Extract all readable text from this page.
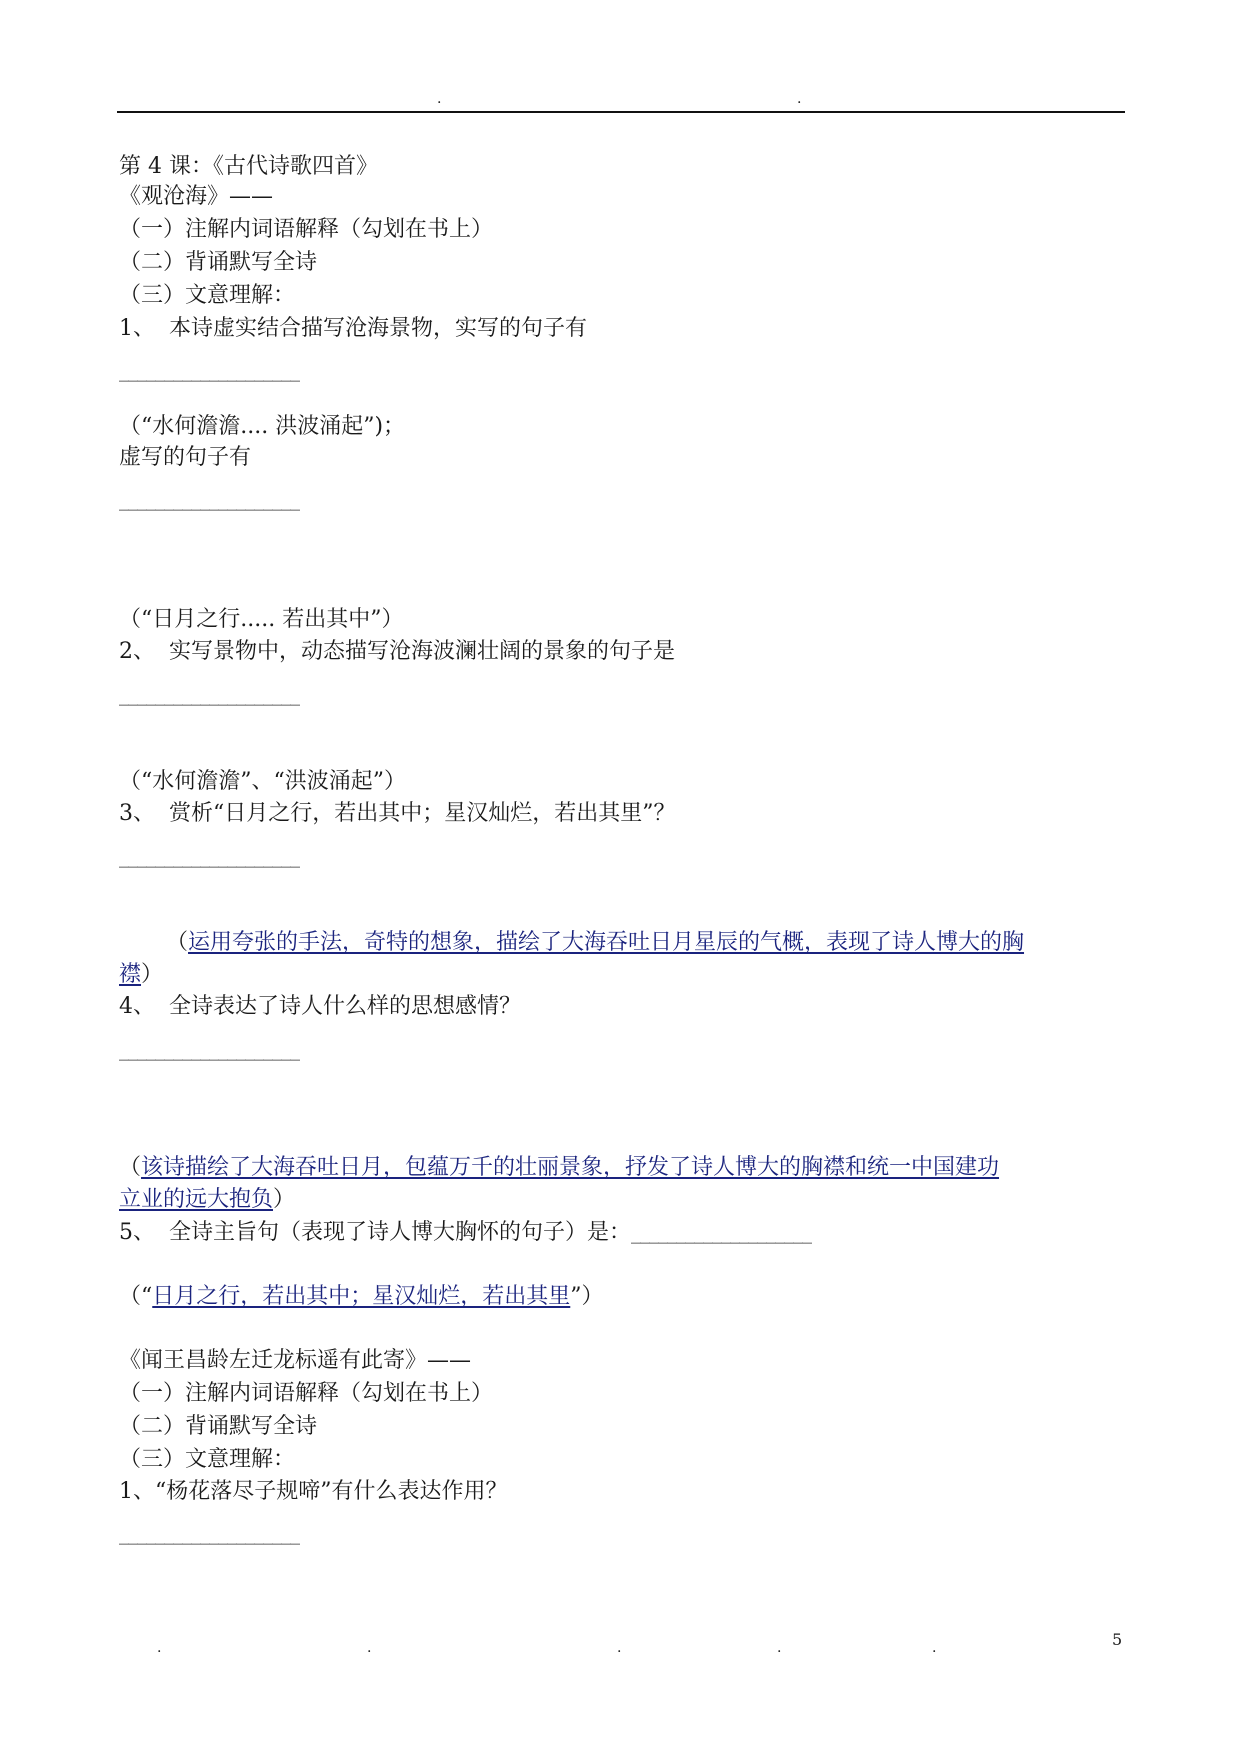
.	.
第 4 课：《古代诗歌四首》
《观沧海》——
（一）注解内词语解释（勾划在书上）
（二）背诵默写全诗
（三）文意理解：
1、 本诗虚实结合描写沧海景物，实写的句子有
____________________
（“水何澹澹.... 洪波涌起”)；
虚写的句子有
____________________
（“日月之行..... 若出其中”）
2、 实写景物中，动态描写沧海波澜壮阔的景象的句子是
____________________
（“水何澹澹”、“洪波涌起”）
3、 赏析“日月之行，若出其中；星汉灿烂，若出其里”？
____________________
（运用夸张的手法，奇特的想象，描绘了大海吞吐日月星辰的气概，表现了诗人博大的胸
襟）
4、 全诗表达了诗人什么样的思想感情？
____________________
（该诗描绘了大海吞吐日月，包蕴万千的壮丽景象，抒发了诗人博大的胸襟和统一中国建功
立业的远大抱负）
5、 全诗主旨句（表现了诗人博大胸怀的句子）是：____________________
（“日月之行，若出其中；星汉灿烂，若出其里”）
《闻王昌龄左迁龙标遥有此寄》——
（一）注解内词语解释（勾划在书上）
（二）背诵默写全诗
（三）文意理解：
1、“杨花落尽子规啼”有什么表达作用？
____________________
.	.	.	.	.	5
